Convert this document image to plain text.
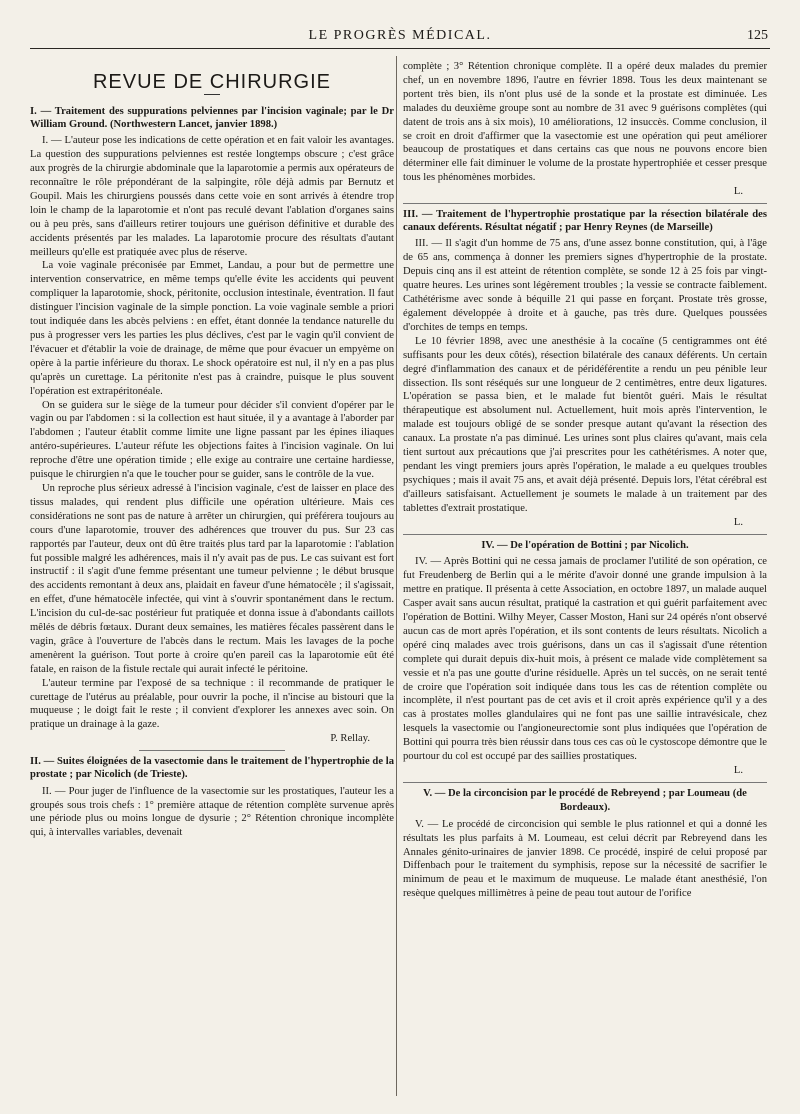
LE PROGRÈS MÉDICAL.	125
REVUE DE CHIRURGIE

I. — Traitement des suppurations pelviennes par l'incision vaginale; par le Dr William Ground. (Northwestern Lancet, janvier 1898.)

I. — L'auteur pose les indications de cette opération et en fait valoir les avantages. La question des suppurations pelviennes est restée longtemps obscure ; c'est grâce aux progrès de la chirurgie abdominale que la laparotomie a permis aux opérateurs de reconnaître le rôle prépondérant de la salpingite, rôle déjà admis par Bernutz et Goupil. Mais les chirurgiens poussés dans cette voie en sont arrivés à étendre trop loin le champ de la laparotomie et n'ont pas reculé devant l'ablation d'organes sains ou à peu près, sans d'ailleurs retirer toujours une guérison définitive et durable des accidents présentés par les malades. La laparotomie procure des résultats d'autant meilleurs qu'elle est pratiquée avec plus de réserve.

La voie vaginale préconisée par Emmet, Landau, a pour but de permettre une intervention conservatrice, en même temps qu'elle évite les accidents qui peuvent compliquer la laparotomie, shock, péritonite, occlusion intestinale, éventration. Il faut distinguer l'incision vaginale de la simple ponction. La voie vaginale semble a priori tout indiquée dans les abcès pelviens : en effet, étant donnée la tendance naturelle du pus à progresser vers les parties les plus déclives, c'est par le vagin qu'il convient de l'évacuer et d'établir la voie de drainage, de même que pour évacuer un empyème on opère à la partie inférieure du thorax. Le shock opératoire est nul, il n'y en a pas plus qu'après un curettage. La péritonite n'est pas à craindre, puisque le plus souvent l'opération est extrapéritonéale.

On se guidera sur le siège de la tumeur pour décider s'il convient d'opérer par le vagin ou par l'abdomen : si la collection est haut située, il y a avantage à l'aborder par l'abdomen ; l'auteur établit comme limite une ligne passant par les épines iliaques antéro-supérieures. L'auteur réfute les objections faites à l'incision vaginale. On lui reproche d'être une opération timide ; elle exige au contraire une certaine hardiesse, puisque le chirurgien n'a que le toucher pour se guider, sans le contrôle de la vue.

Un reproche plus sérieux adressé à l'incision vaginale, c'est de laisser en place des tissus malades, qui rendent plus difficile une opération ultérieure. Mais ces considérations ne sont pas de nature à arrêter un chirurgien, qui préférera toujours au cours d'une laparotomie, trouver des adhérences que trouver du pus. Sur 23 cas rapportés par l'auteur, deux ont dû être traités plus tard par la laparotomie : l'ablation fut possible malgré les adhérences, mais il n'y avait pas de pus. Le cas suivant est fort instructif : il s'agit d'une femme présentant une tumeur pelvienne ; le début brusque des accidents remontant à deux ans, plaidait en faveur d'une hématocèle ; il s'agissait, en effet, d'une hématocèle infectée, qui vint à s'ouvrir spontanément dans le rectum. L'incision du cul-de-sac postérieur fut pratiquée et donna issue à d'abondants caillots mêlés de débris fœtaux. Durant deux semaines, les matières fécales passèrent dans le vagin, grâce à l'ouverture de l'abcès dans le rectum. Mais les lavages de la poche amenèrent la guérison. Tout porte à croire qu'en pareil cas la laparotomie eût été fatale, en raison de la fistule rectale qui aurait infecté le péritoine.

L'auteur termine par l'exposé de sa technique : il recommande de pratiquer le curettage de l'utérus au préalable, pour ouvrir la poche, il n'incise au bistouri que la muqueuse ; le doigt fait le reste ; il convient d'explorer les annexes avec soin. On pratique un drainage à la gaze.

P. Rellay.

II. — Suites éloignées de la vasectomie dans le traitement de l'hypertrophie de la prostate ; par Nicolich (de Trieste).

II. — Pour juger de l'influence de la vasectomie sur les prostatiques, l'auteur les a groupés sous trois chefs : 1° première attaque de rétention complète survenue après une période plus ou moins longue de dysurie ; 2° Rétention chronique incomplète qui, à intervalles variables, devenait

complète ; 3° Rétention chronique complète. Il a opéré deux malades du premier chef, un en novembre 1896, l'autre en février 1898. Tous les deux maintenant se portent très bien, ils n'ont plus usé de la sonde et la prostate est diminuée. Les malades du deuxième groupe sont au nombre de 31 avec 9 guérisons complètes (qui datent de trois ans à six mois), 10 améliorations, 12 insuccès. Comme conclusion, il se croit en droit d'affirmer que la vasectomie est une opération qui peut améliorer beaucoup de prostatiques et dans certains cas que nous ne pouvons encore bien déterminer elle fait diminuer le volume de la prostate hypertrophiée et cesser presque tous les phénomènes morbides.

L.

III. — Traitement de l'hypertrophie prostatique par la résection bilatérale des canaux deférents. Résultat négatif ; par Henry Reynes (de Marseille)

III. — Il s'agit d'un homme de 75 ans, d'une assez bonne constitution, qui, à l'âge de 65 ans, commença à donner les premiers signes d'hypertrophie de la prostate. Depuis cinq ans il est atteint de rétention complète, se sonde 12 à 25 fois par vingt-quatre heures. Les urines sont légèrement troubles ; la vessie se contracte faiblement. Cathétérisme avec sonde à béquille 21 qui passe en forçant. Prostate très grosse, également développée à droite et à gauche, pas très dure. Quelques poussées d'orchites de temps en temps.

Le 10 février 1898, avec une anesthésie à la cocaïne (5 centigrammes ont été suffisants pour les deux côtés), résection bilatérale des canaux déférents. Un certain degré d'inflammation des canaux et de péridéférentite a rendu un peu pénible leur dissection. Ils sont réséqués sur une longueur de 2 centimètres, entre deux ligatures. L'opération se passa bien, et le malade fut bientôt guéri. Mais le résultat thérapeutique est absolument nul. Actuellement, huit mois après l'intervention, le malade est toujours obligé de se sonder presque autant qu'avant la résection des canaux. La prostate n'a pas diminué. Les urines sont plus claires qu'avant, mais cela tient surtout aux précautions que j'ai prescrites pour les cathétérismes. A noter que, pendant les vingt premiers jours après l'opération, le malade a eu quelques troubles psychiques ; mais il avait 75 ans, et avait déjà présenté. Depuis lors, l'état cérébral est d'ailleurs satisfaisant. Actuellement je soumets le malade à un traitement par des tablettes d'extrait prostatique.

L.

IV. — De l'opération de Bottini ; par Nicolich.

IV. — Après Bottini qui ne cessa jamais de proclamer l'utilité de son opération, ce fut Freudenberg de Berlin qui a le mérite d'avoir donné une grande impulsion à la mettre en pratique. Il présenta à cette Association, en octobre 1897, un malade auquel Casper avait sans aucun résultat, pratiqué la castration et qui guérit parfaitement avec l'opération de Bottini. Wilhy Meyer, Casser Moston, Hani sur 24 opérés n'ont observé aucun cas de mort après l'opération, et ils sont contents de leurs résultats. Nicolich a opéré cinq malades avec trois guérisons, dans un cas il s'agissait d'une rétention complete qui durait depuis dix-huit mois, à présent ce malade vide complètement sa vessie et n'a pas une goutte d'urine résiduelle. Après un tel succès, on ne serait tenté de croire que l'opération soit indiquée dans tous les cas de rétention complète ou incomplète, il n'est pourtant pas de cet avis et il croit après expérience qu'il y a des cas à prostates molles glandulaires qui ne font pas une saillie intravésicale, chez lesquels la vasectomie ou l'angioneurectomie sont plus indiquées que l'opération de Bottini qui pourra très bien réussir dans tous ces cas où le cystoscope démontre que le pourtour du col est occupé par des saillies prostatiques.

L.

V. — De la circoncision par le procédé de Rebreyend ; par Loumeau (de Bordeaux).

V. — Le procédé de circoncision qui semble le plus rationnel et qui a donné les résultats les plus parfaits à M. Loumeau, est celui décrit par Rebreyend dans les Annales génito-urinaires de janvier 1898. Ce procédé, inspiré de celui proposé par Diffenbach pour le traitement du symphisis, repose sur la nécessité de sacrifier le minimum de peau et le maximum de muqueuse. Le malade étant anesthésié, l'on resèque quelques millimètres à peine de peau tout autour de l'orifice
